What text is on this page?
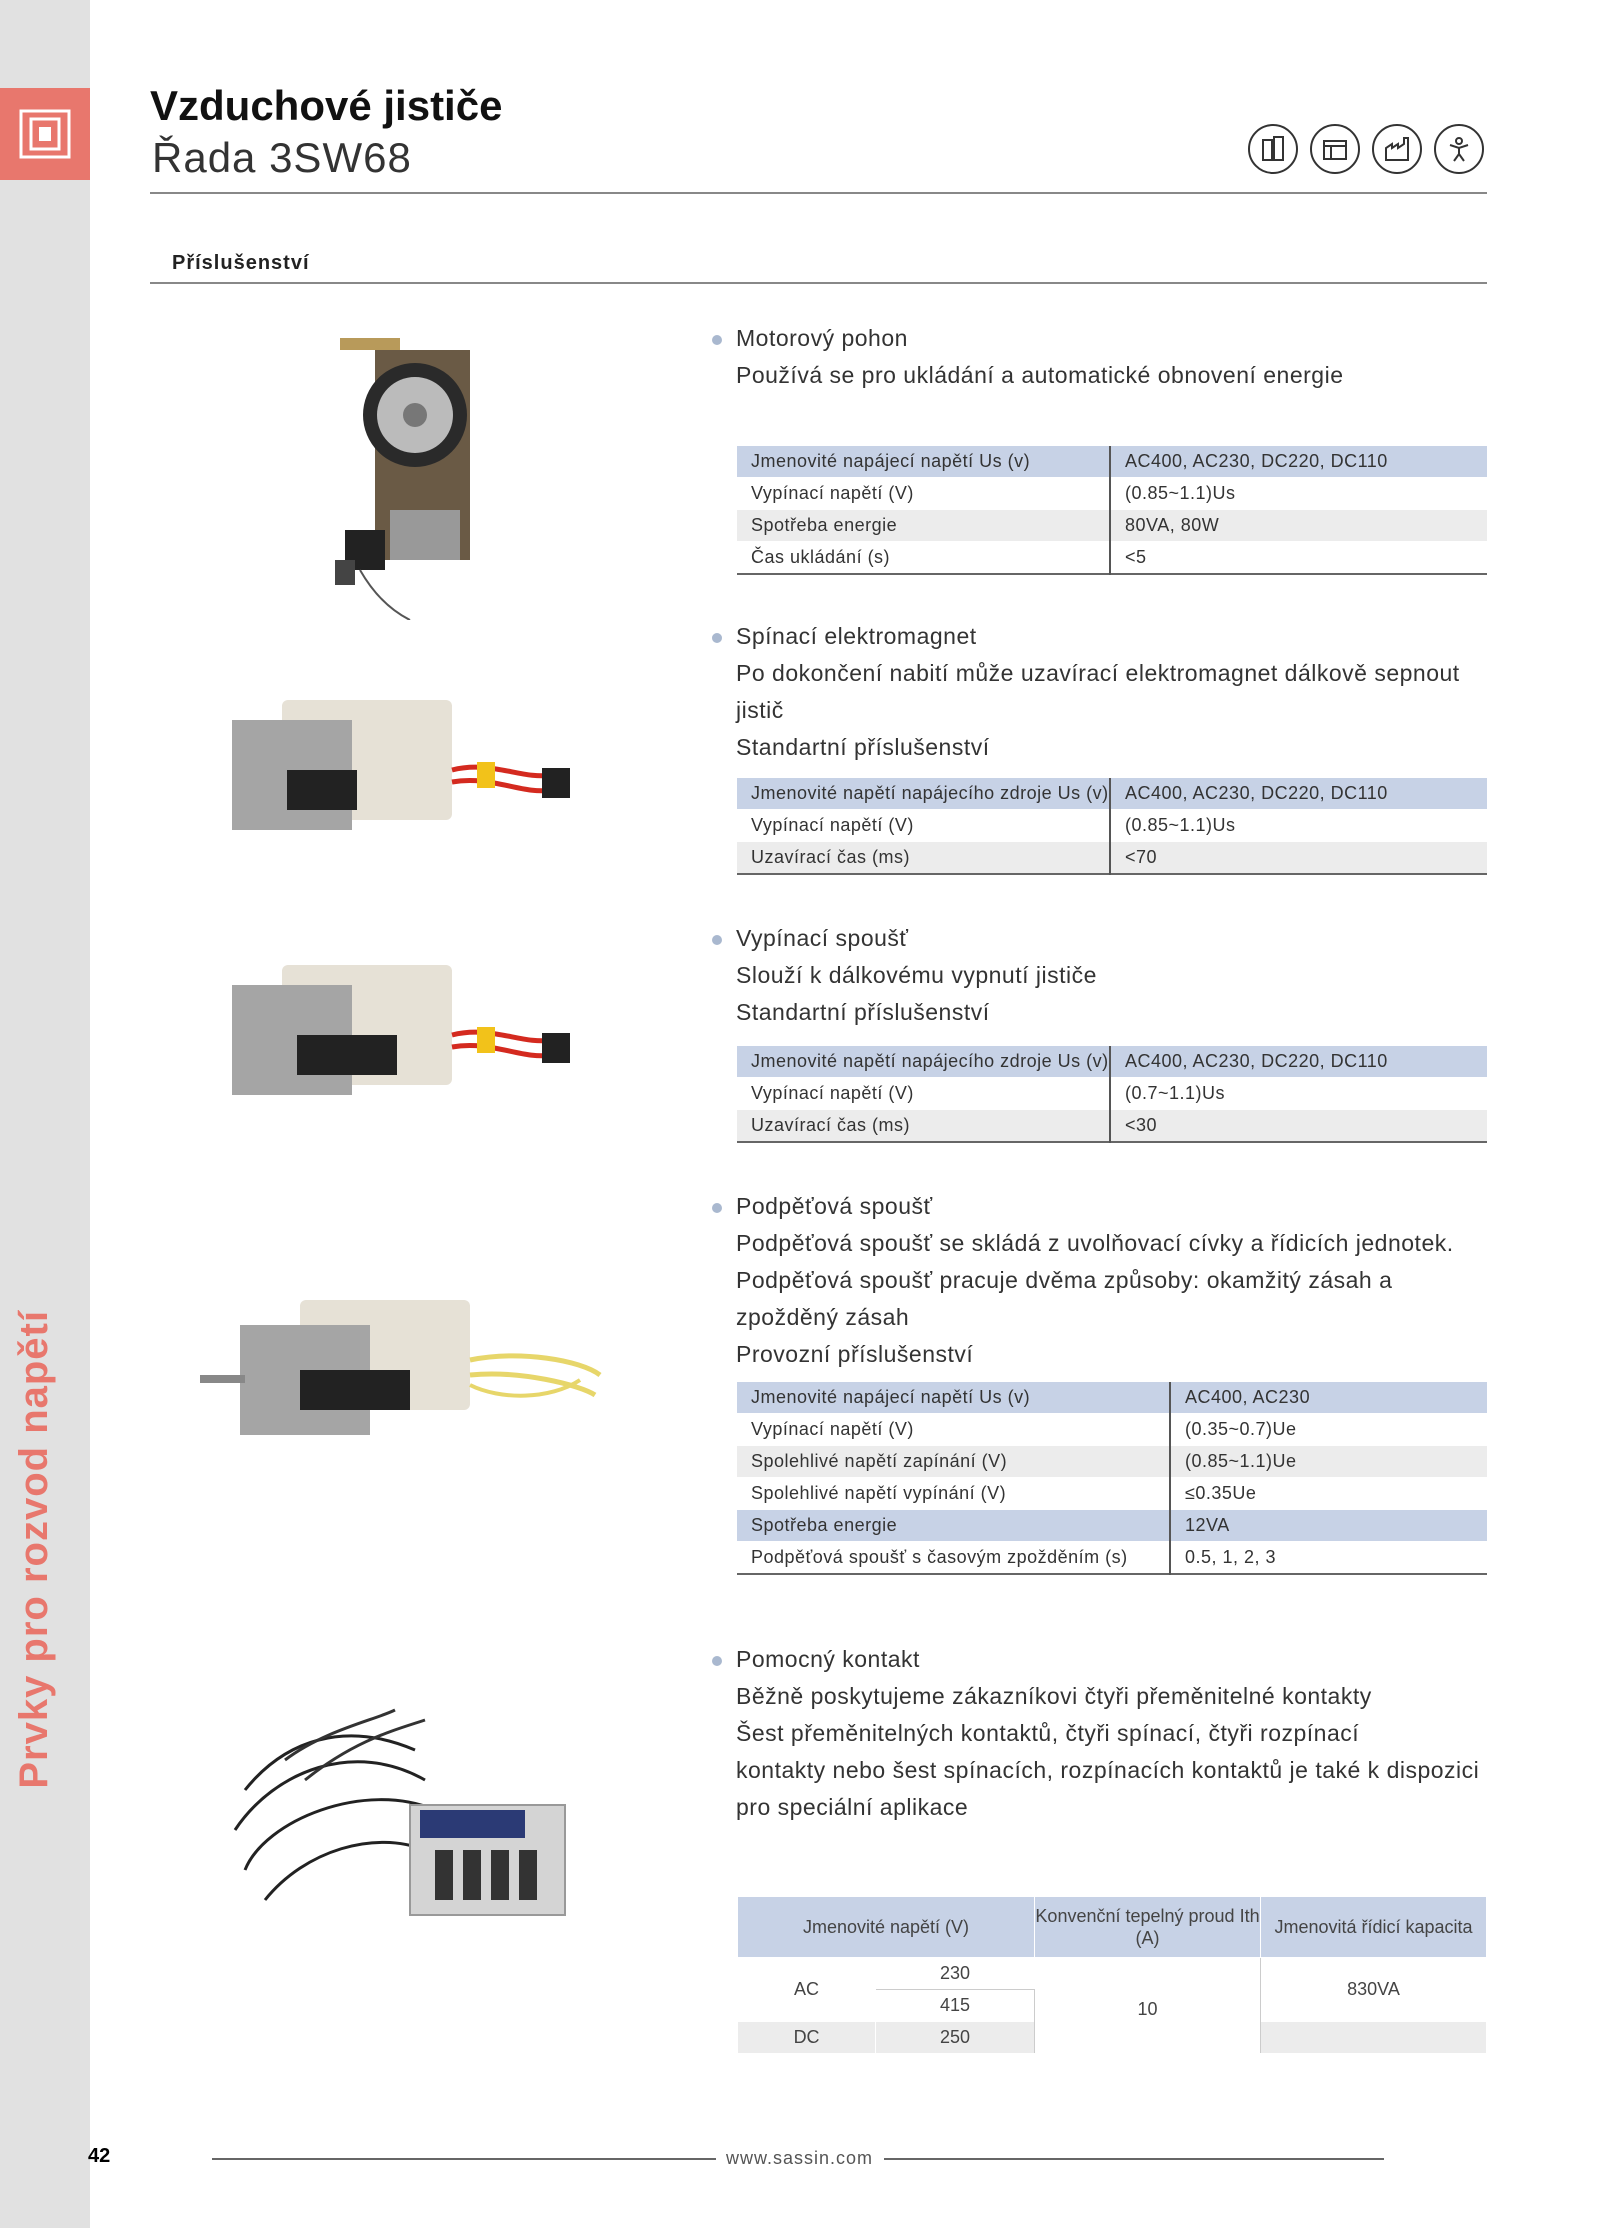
Prvky pro rozvod napětí
42
Vzduchové jističe
Řada 3SW68
Příslušenství
Motorový pohon
Používá se pro ukládání a automatické obnovení energie
Jmenovité napájecí napětí Us (v)	AC400, AC230, DC220, DC110
Vypínací napětí (V)	(0.85~1.1)Us
Spotřeba energie	80VA, 80W
Čas ukládání (s)	<5
Spínací elektromagnet
Po dokončení nabití může uzavírací elektromagnet dálkově sepnout
jistič
Standartní příslušenství
Jmenovité napětí napájecího zdroje Us (v)	AC400, AC230, DC220, DC110
Vypínací napětí (V)	(0.85~1.1)Us
Uzavírací čas (ms)	<70
Vypínací spoušť
Slouží k dálkovému vypnutí jističe
Standartní příslušenství
Jmenovité napětí napájecího zdroje Us (v)	AC400, AC230, DC220, DC110
Vypínací napětí (V)	(0.7~1.1)Us
Uzavírací čas (ms)	<30
Podpěťová spoušť
Podpěťová spoušť se skládá z uvolňovací cívky a řídicích jednotek.
Podpěťová spoušť pracuje dvěma způsoby: okamžitý zásah a
zpožděný zásah
Provozní příslušenství
Jmenovité napájecí napětí Us (v)	AC400, AC230
Vypínací napětí (V)	(0.35~0.7)Ue
Spolehlivé napětí zapínání (V)	(0.85~1.1)Ue
Spolehlivé napětí vypínání (V)	≤0.35Ue
Spotřeba energie	12VA
Podpěťová spoušť s časovým zpožděním (s)	0.5, 1, 2, 3
Pomocný kontakt
Běžně poskytujeme zákazníkovi čtyři přeměnitelné kontakty
Šest přeměnitelných kontaktů, čtyři spínací, čtyři rozpínací
kontakty nebo šest spínacích, rozpínacích kontaktů je také k dispozici
pro speciální aplikace
Jmenovité napětí (V)		Konvenční tepelný proud Ith (A)	Jmenovitá řídicí kapacita
AC	230	10	830VA
	415		
DC	250		
www.sassin.com
